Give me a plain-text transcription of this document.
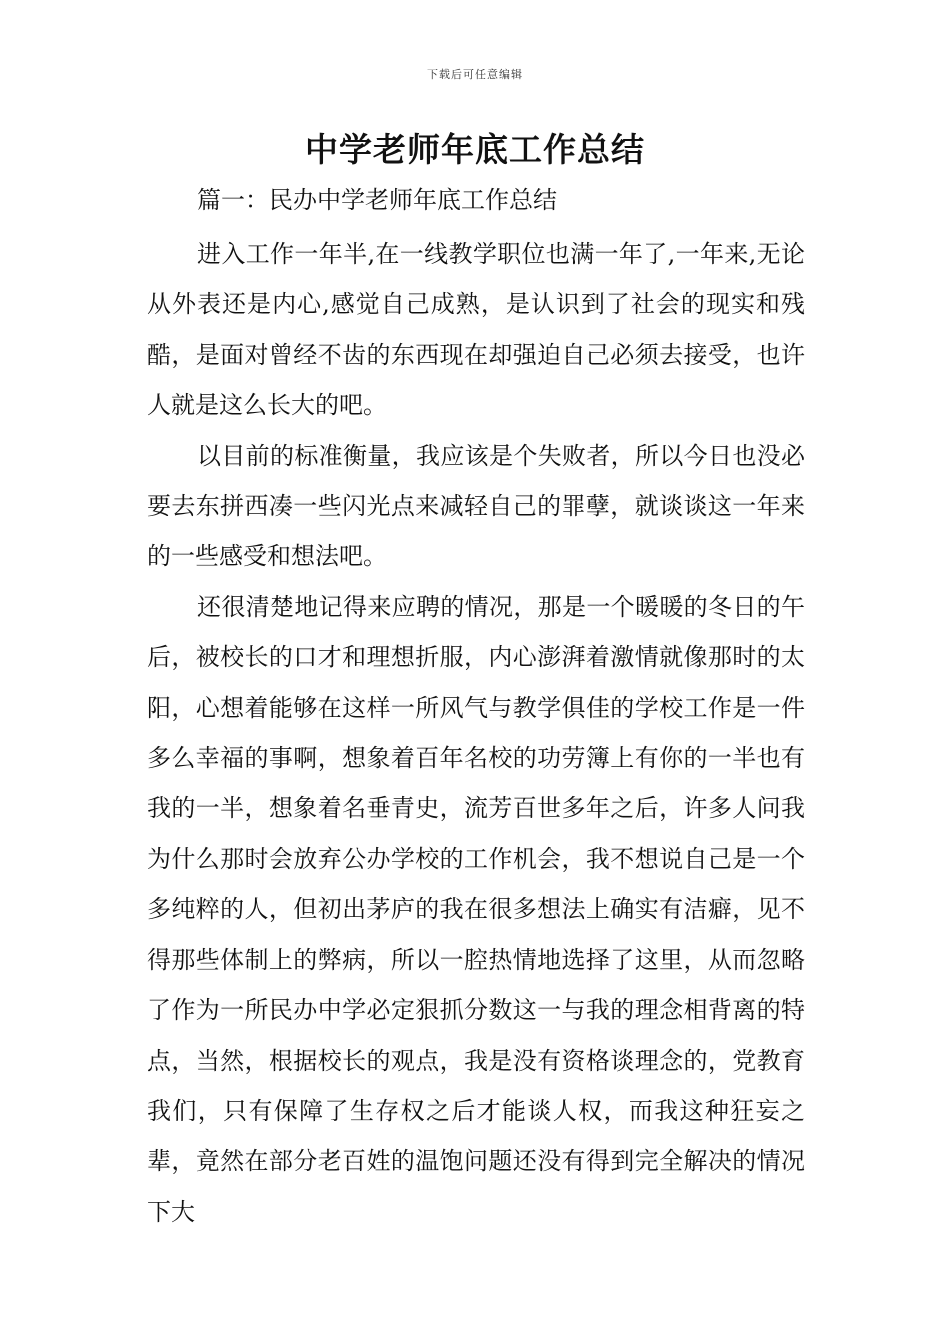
下载后可任意编辑
中学老师年底工作总结

篇一：民办中学老师年底工作总结

进入工作一年半,在一线教学职位也满一年了,一年来,无论从外表还是内心,感觉自己成熟，是认识到了社会的现实和残酷，是面对曾经不齿的东西现在却强迫自己必须去接受，也许人就是这么长大的吧。

以目前的标准衡量，我应该是个失败者，所以今日也没必要去东拼西凑一些闪光点来减轻自己的罪孽，就谈谈这一年来的一些感受和想法吧。

还很清楚地记得来应聘的情况，那是一个暖暖的冬日的午后，被校长的口才和理想折服，内心澎湃着激情就像那时的太阳，心想着能够在这样一所风气与教学俱佳的学校工作是一件多么幸福的事啊，想象着百年名校的功劳簿上有你的一半也有我的一半，想象着名垂青史，流芳百世多年之后，许多人问我为什么那时会放弃公办学校的工作机会，我不想说自己是一个多纯粹的人，但初出茅庐的我在很多想法上确实有洁癖，见不得那些体制上的弊病，所以一腔热情地选择了这里，从而忽略了作为一所民办中学必定狠抓分数这一与我的理念相背离的特点，当然，根据校长的观点，我是没有资格谈理念的，党教育我们，只有保障了生存权之后才能谈人权，而我这种狂妄之辈，竟然在部分老百姓的温饱问题还没有得到完全解决的情况下大
